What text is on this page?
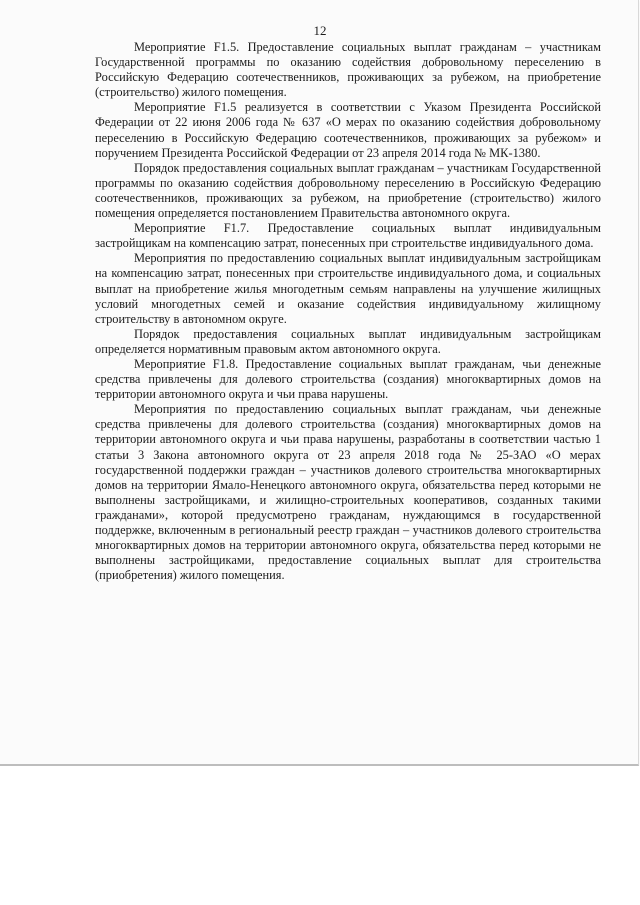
12

Мероприятие F1.5. Предоставление социальных выплат гражданам – участникам Государственной программы по оказанию содействия добровольному переселению в Российскую Федерацию соотечественников, проживающих за рубежом, на приобретение (строительство) жилого помещения.

Мероприятие F1.5 реализуется в соответствии с Указом Президента Российской Федерации от 22 июня 2006 года № 637 «О мерах по оказанию содействия добровольному переселению в Российскую Федерацию соотечественников, проживающих за рубежом» и поручением Президента Российской Федерации от 23 апреля 2014 года № МК-1380.

Порядок предоставления социальных выплат гражданам – участникам Государственной программы по оказанию содействия добровольному переселению в Российскую Федерацию соотечественников, проживающих за рубежом, на приобретение (строительство) жилого помещения определяется постановлением Правительства автономного округа.

Мероприятие F1.7. Предоставление социальных выплат индивидуальным застройщикам на компенсацию затрат, понесенных при строительстве индивидуального дома.

Мероприятия по предоставлению социальных выплат индивидуальным застройщикам на компенсацию затрат, понесенных при строительстве индивидуального дома, и социальных выплат на приобретение жилья многодетным семьям направлены на улучшение жилищных условий многодетных семей и оказание содействия индивидуальному жилищному строительству в автономном округе.

Порядок предоставления социальных выплат индивидуальным застройщикам определяется нормативным правовым актом автономного округа.

Мероприятие F1.8. Предоставление социальных выплат гражданам, чьи денежные средства привлечены для долевого строительства (создания) многоквартирных домов на территории автономного округа и чьи права нарушены.

Мероприятия по предоставлению социальных выплат гражданам, чьи денежные средства привлечены для долевого строительства (создания) многоквартирных домов на территории автономного округа и чьи права нарушены, разработаны в соответствии частью 1 статьи 3 Закона автономного округа от 23 апреля 2018 года № 25-ЗАО «О мерах государственной поддержки граждан – участников долевого строительства многоквартирных домов на территории Ямало-Ненецкого автономного округа, обязательства перед которыми не выполнены застройщиками, и жилищно-строительных кооперативов, созданных такими гражданами», которой предусмотрено гражданам, нуждающимся в государственной поддержке, включенным в региональный реестр граждан – участников долевого строительства многоквартирных домов на территории автономного округа, обязательства перед которыми не выполнены застройщиками, предоставление социальных выплат для строительства (приобретения) жилого помещения.
